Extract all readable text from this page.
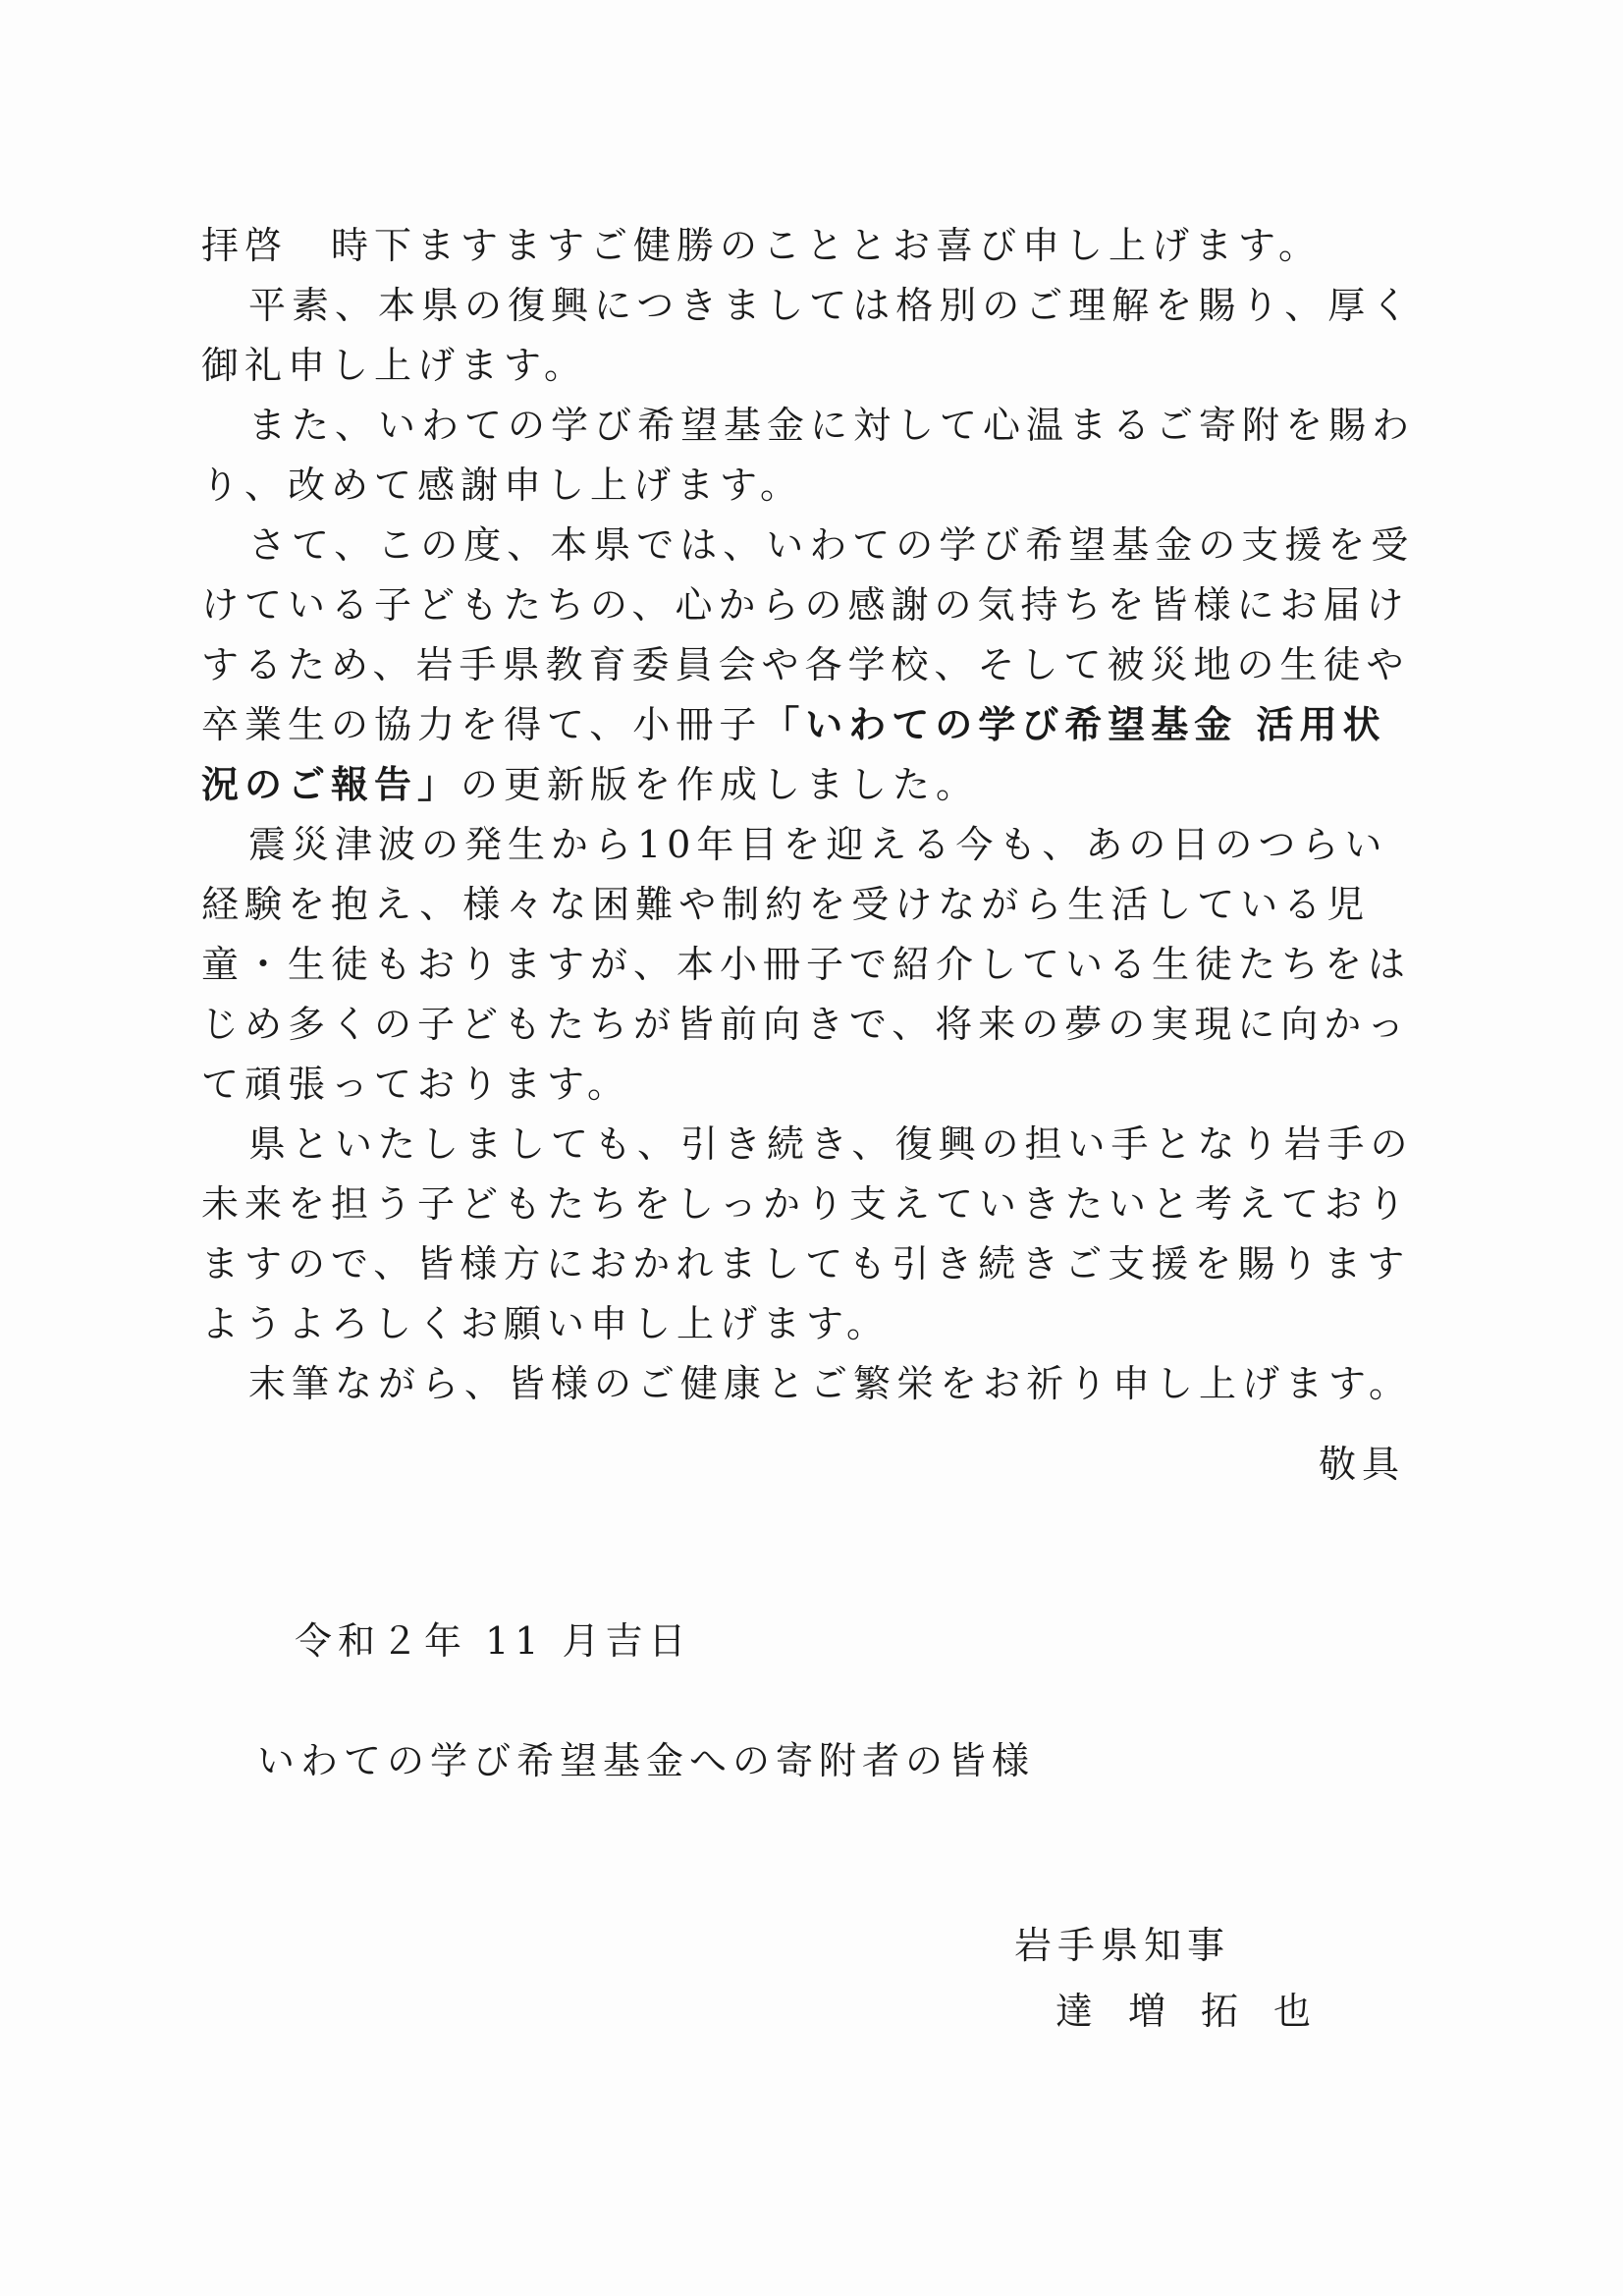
拝啓　時下ますますご健勝のこととお喜び申し上げます。

平素、本県の復興につきましては格別のご理解を賜り、厚く御礼申し上げます。

また、いわての学び希望基金に対して心温まるご寄附を賜わり、改めて感謝申し上げます。

さて、この度、本県では、いわての学び希望基金の支援を受けている子どもたちの、心からの感謝の気持ちを皆様にお届けするため、岩手県教育委員会や各学校、そして被災地の生徒や卒業生の協力を得て、小冊子「いわての学び希望基金 活用状況のご報告」の更新版を作成しました。

震災津波の発生から10年目を迎える今も、あの日のつらい経験を抱え、様々な困難や制約を受けながら生活している児童・生徒もおりますが、本小冊子で紹介している生徒たちをはじめ多くの子どもたちが皆前向きで、将来の夢の実現に向かって頑張っております。

県といたしましても、引き続き、復興の担い手となり岩手の未来を担う子どもたちをしっかり支えていきたいと考えておりますので、皆様方におかれましても引き続きご支援を賜りますようよろしくお願い申し上げます。

末筆ながら、皆様のご健康とご繁栄をお祈り申し上げます。

敬具
令和２年 11 月吉日
いわての学び希望基金への寄附者の皆様
岩手県知事
達増拓也
